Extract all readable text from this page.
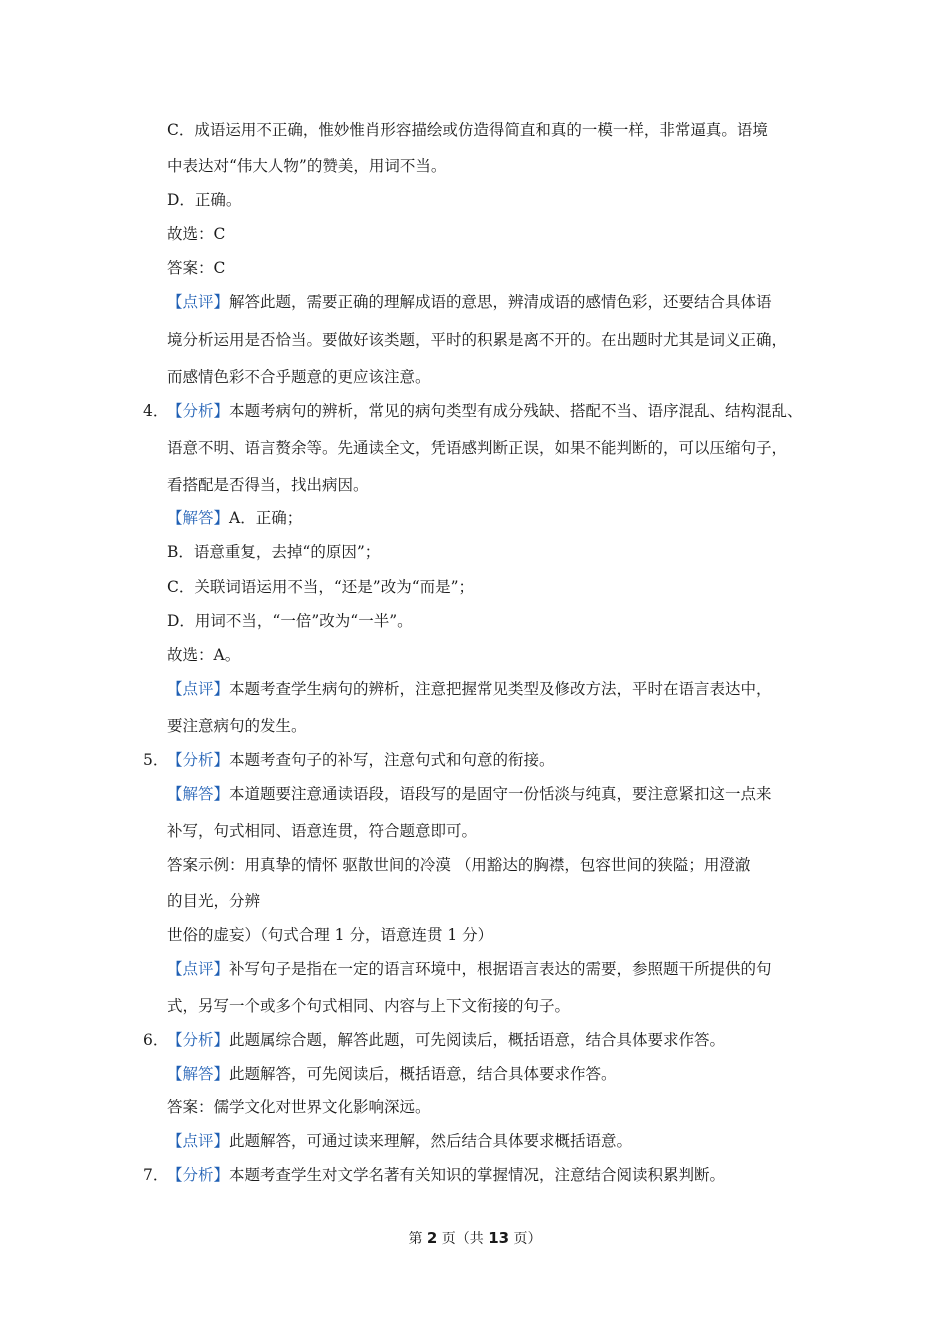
C．成语运用不正确，惟妙惟肖形容描绘或仿造得简直和真的一模一样，非常逼真。语境
中表达对“伟大人物”的赞美，用词不当。
D．正确。
故选：C
答案：C
【点评】解答此题，需要正确的理解成语的意思，辨清成语的感情色彩，还要结合具体语
境分析运用是否恰当。要做好该类题，平时的积累是离不开的。在出题时尤其是词义正确，
而感情色彩不合乎题意的更应该注意。
4．【分析】本题考病句的辨析，常见的病句类型有成分残缺、搭配不当、语序混乱、结构混乱、
语意不明、语言赘余等。先通读全文，凭语感判断正误，如果不能判断的，可以压缩句子，
看搭配是否得当，找出病因。
【解答】A．正确；
B．语意重复，去掉“的原因”；
C．关联词语运用不当，“还是”改为“而是”；
D．用词不当，“一倍”改为“一半”。
故选：A。
【点评】本题考查学生病句的辨析，注意把握常见类型及修改方法，平时在语言表达中，
要注意病句的发生。
5．【分析】本题考查句子的补写，注意句式和句意的衔接。
【解答】本道题要注意通读语段，语段写的是固守一份恬淡与纯真，要注意紧扣这一点来
补写，句式相同、语意连贯，符合题意即可。
答案示例：用真挚的情怀 驱散世间的冷漠 （用豁达的胸襟，包容世间的狭隘；用澄澈
的目光，分辨
世俗的虚妄）（句式合理 1 分，语意连贯 1 分）
【点评】补写句子是指在一定的语言环境中，根据语言表达的需要，参照题干所提供的句
式，另写一个或多个句式相同、内容与上下文衔接的句子。
6．【分析】此题属综合题，解答此题，可先阅读后，概括语意，结合具体要求作答。
【解答】此题解答，可先阅读后，概括语意，结合具体要求作答。
答案：儒学文化对世界文化影响深远。
【点评】此题解答，可通过读来理解，然后结合具体要求概括语意。
7．【分析】本题考查学生对文学名著有关知识的掌握情况，注意结合阅读积累判断。
第 2 页（共 13 页）
